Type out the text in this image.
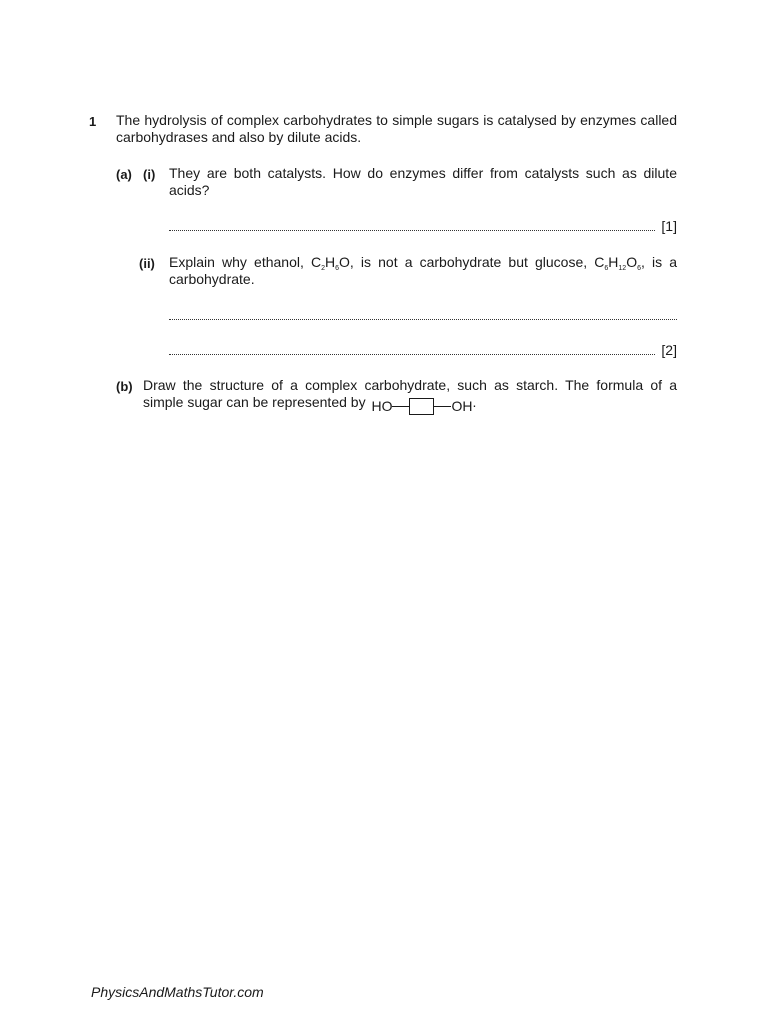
1 The hydrolysis of complex carbohydrates to simple sugars is catalysed by enzymes called carbohydrases and also by dilute acids.
(a) (i) They are both catalysts. How do enzymes differ from catalysts such as dilute acids?
[1]
(ii) Explain why ethanol, $C_2H_6O$, is not a carbohydrate but glucose, $C_6H_{12}O_6$, is a carbohydrate.
[2]
(b) Draw the structure of a complex carbohydrate, such as starch. The formula of a simple sugar can be represented by HO	OH .
PhysicsAndMathsTutor.com
